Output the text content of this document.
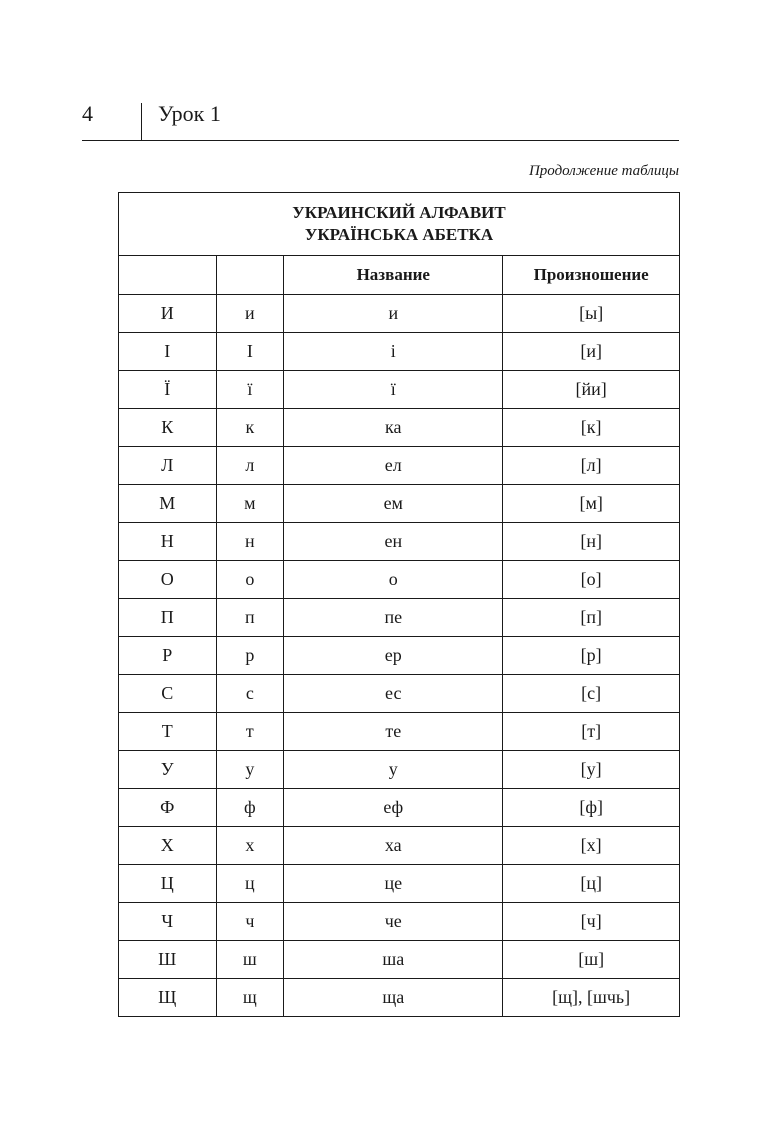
4	Урок 1
Продолжение таблицы
УКРАИНСКИЙ АЛФАВИТ
УКРАЇНСЬКА АБЕТКА			

		Название	Произношение
И	и	и	[ы]
І	І	і	[и]
Ї	ї	ї	[йи]
К	к	ка	[к]
Л	л	ел	[л]
М	м	ем	[м]
Н	н	ен	[н]
О	о	о	[о]
П	п	пе	[п]
Р	р	ер	[р]
С	с	ес	[с]
Т	т	те	[т]
У	у	у	[у]
Ф	ф	еф	[ф]
Х	х	ха	[х]
Ц	ц	це	[ц]
Ч	ч	че	[ч]
Ш	ш	ша	[ш]
Щ	щ	ща	[щ], [шчь]
